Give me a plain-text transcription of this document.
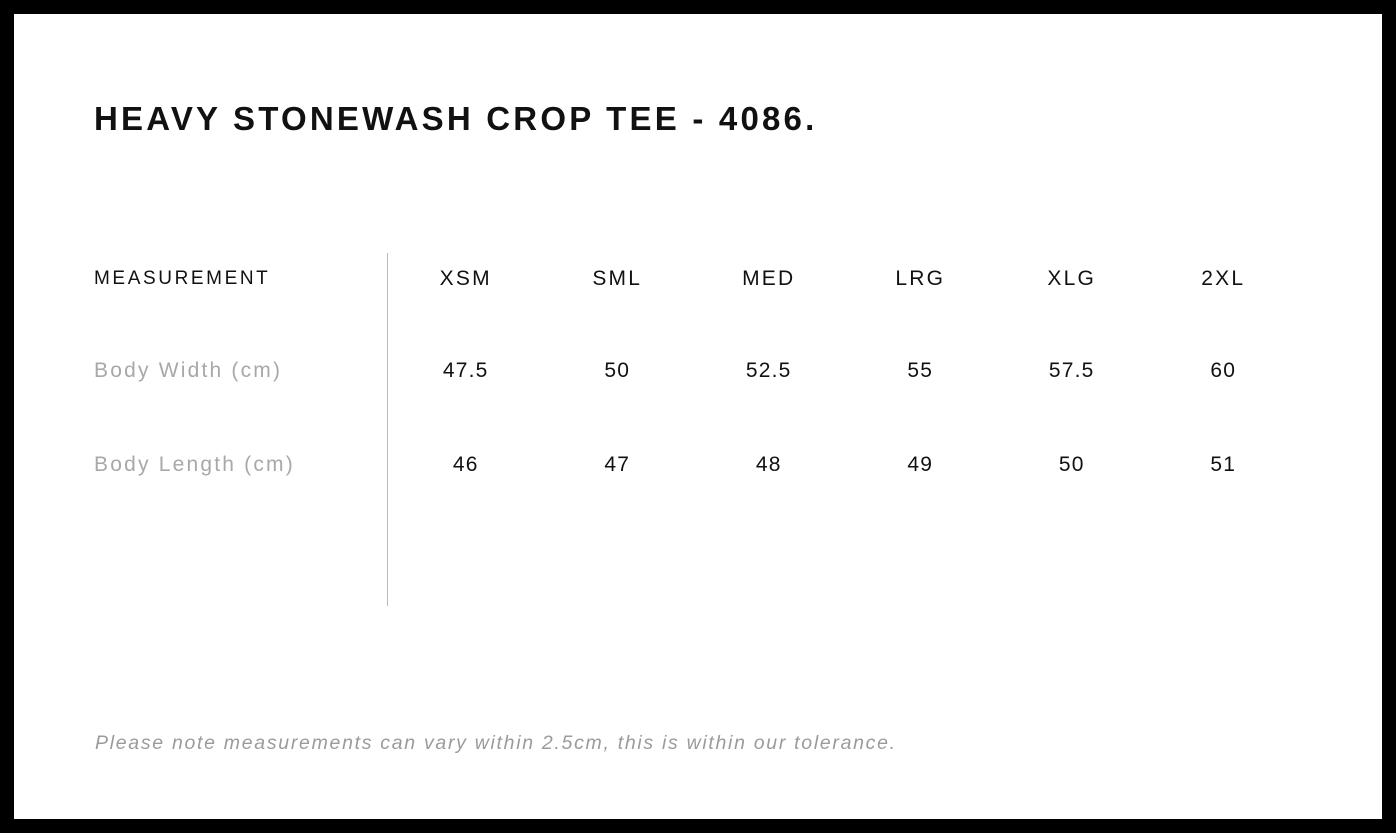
HEAVY STONEWASH CROP TEE - 4086.
MEASUREMENT	XSM	SML	MED	LRG	XLG	2XL
Body Width (cm)	47.5	50	52.5	55	57.5	60
Body Length (cm)	46	47	48	49	50	51
Please note measurements can vary within 2.5cm, this is within our tolerance.
